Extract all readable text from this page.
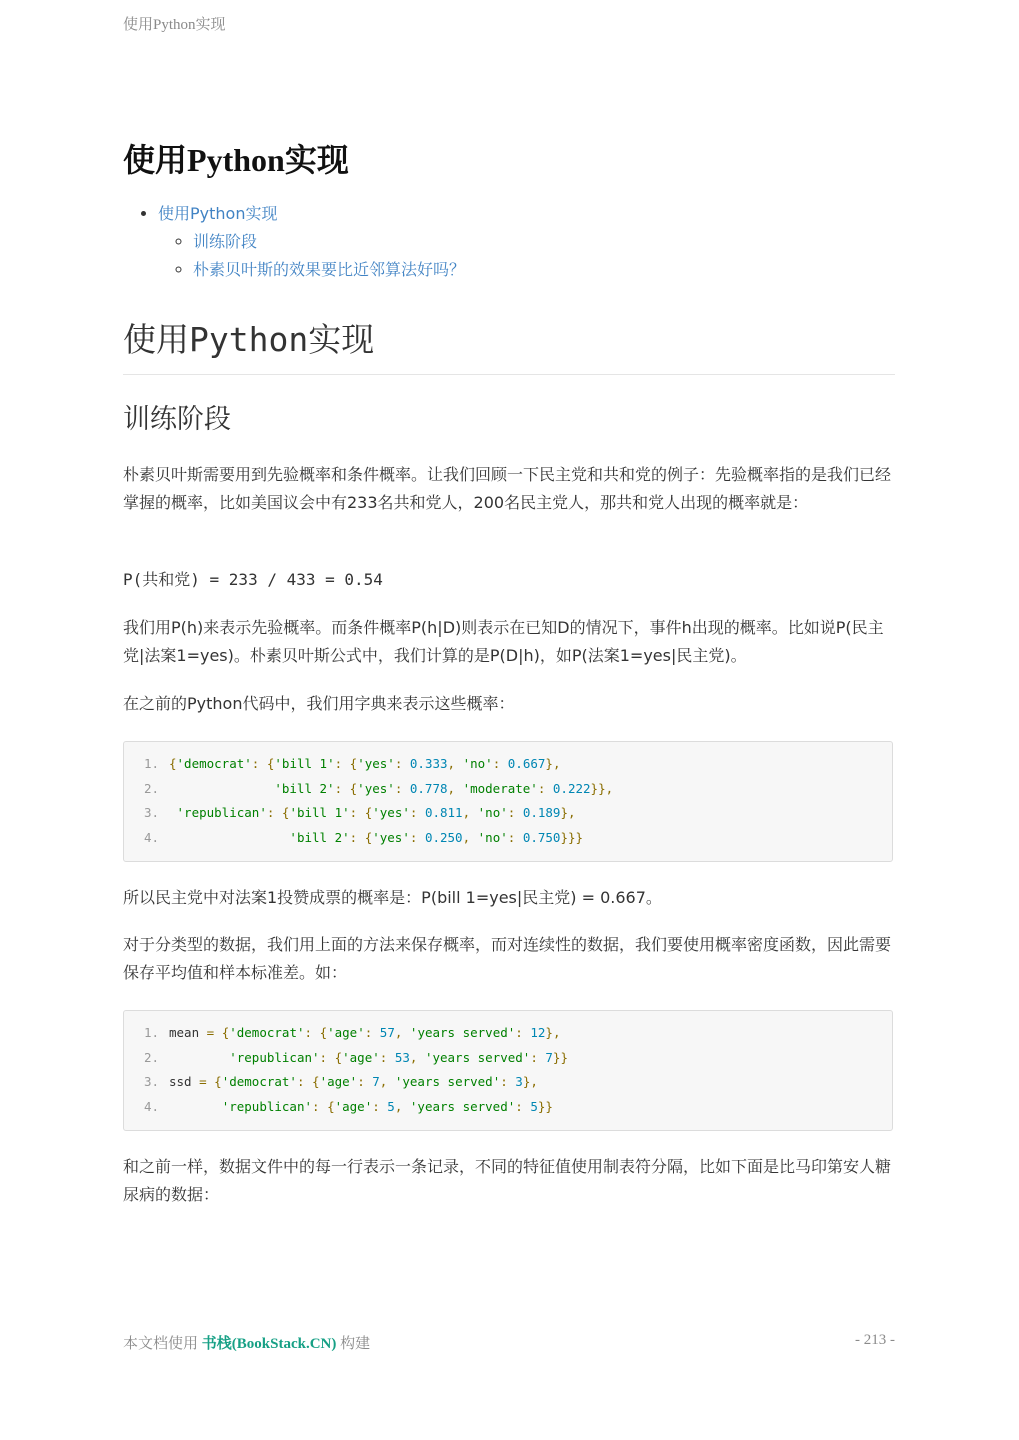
使用Python实现
使用Python实现
• 使用Python实现
◦ 训练阶段
◦ 朴素贝叶斯的效果要比近邻算法好吗？
使用Python实现
训练阶段

朴素贝叶斯需要用到先验概率和条件概率。让我们回顾一下民主党和共和党的例子：先验概率指的是我们已经掌握的概率，比如美国议会中有233名共和党人，200名民主党人，那共和党人出现的概率就是：

P(共和党) = 233 / 433 = 0.54

我们用P(h)来表示先验概率。而条件概率P(h|D)则表示在已知D的情况下，事件h出现的概率。比如说P(民主党|法案1=yes)。朴素贝叶斯公式中，我们计算的是P(D|h)，如P(法案1=yes|民主党)。

在之前的Python代码中，我们用字典来表示这些概率：

1. {'democrat': {'bill 1': {'yes': 0.333, 'no': 0.667},
2.	'bill 2': {'yes': 0.778, 'moderate': 0.222}},
3. 'republican': {'bill 1': {'yes': 0.811, 'no': 0.189},
4.	'bill 2': {'yes': 0.250, 'no': 0.750}}}

所以民主党中对法案1投赞成票的概率是：P(bill 1=yes|民主党) = 0.667。

对于分类型的数据，我们用上面的方法来保存概率，而对连续性的数据，我们要使用概率密度函数，因此需要保存平均值和样本标准差。如：

1. mean = {'democrat': {'age': 57, 'years served': 12},
2.	'republican': {'age': 53, 'years served': 7}}
3. ssd = {'democrat': {'age': 7, 'years served': 3},
4.	'republican': {'age': 5, 'years served': 5}}

和之前一样，数据文件中的每一行表示一条记录，不同的特征值使用制表符分隔，比如下面是比马印第安人糖尿病的数据：

本文档使用 书栈(BookStack.CN) 构建	- 213 -
